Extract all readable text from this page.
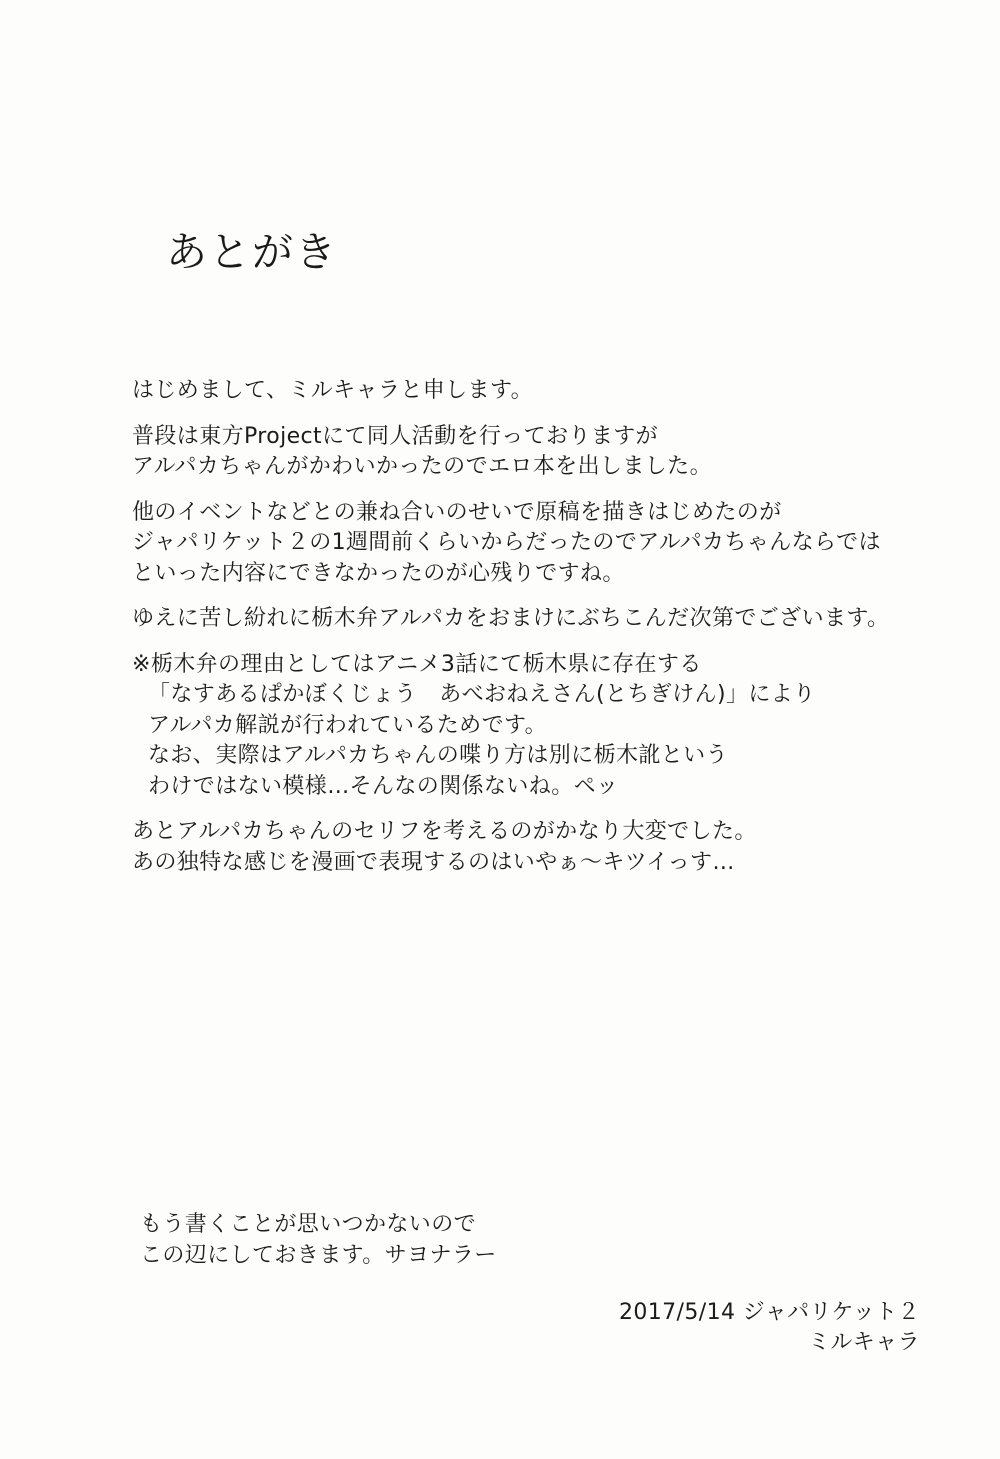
あとがき
はじめまして、ミルキャラと申します。
普段は東方Projectにて同人活動を行っておりますが
アルパカちゃんがかわいかったのでエロ本を出しました。
他のイベントなどとの兼ね合いのせいで原稿を描きはじめたのが
ジャパリケット２の1週間前くらいからだったのでアルパカちゃんならでは
といった内容にできなかったのが心残りですね。
ゆえに苦し紛れに栃木弁アルパカをおまけにぶちこんだ次第でございます。
※栃木弁の理由としてはアニメ3話にて栃木県に存在する
「なすあるぱかぼくじょう　あべおねえさん(とちぎけん)」により
アルパカ解説が行われているためです。
なお、実際はアルパカちゃんの喋り方は別に栃木訛という
わけではない模様…そんなの関係ないね。ペッ
あとアルパカちゃんのセリフを考えるのがかなり大変でした。
あの独特な感じを漫画で表現するのはいやぁ～キツイっす…
もう書くことが思いつかないので
この辺にしておきます。サヨナラー
2017/5/14 ジャパリケット２
ミルキャラ
